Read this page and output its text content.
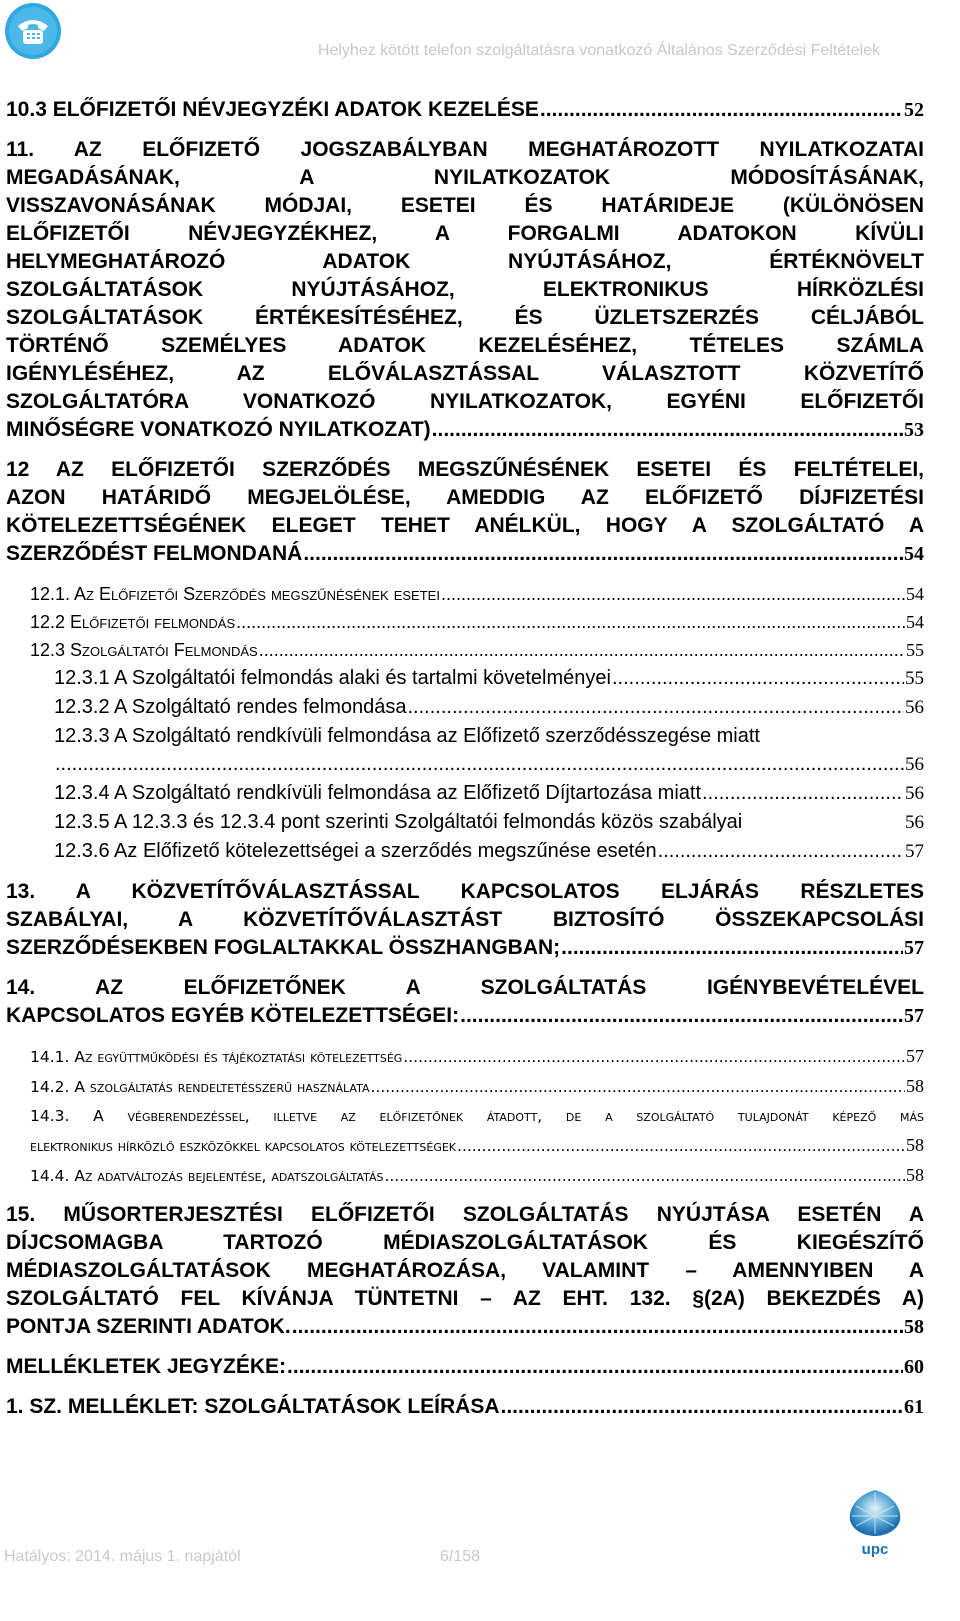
Helyhez kötött telefon szolgáltatásra vonatkozó Általános Szerződési Feltételek
10.3 ELŐFIZETŐI NÉVJEGYZÉKI ADATOK KEZELÉSE .....	52
11. AZ ELŐFIZETŐ JOGSZABÁLYBAN MEGHATÁROZOTT NYILATKOZATAI
MEGADÁSÁNAK, A NYILATKOZATOK MÓDOSÍTÁSÁNAK,
VISSZAVONÁSÁNAK MÓDJAI, ESETEI ÉS HATÁRIDEJE (KÜLÖNÖSEN
ELŐFIZETŐI NÉVJEGYZÉKHEZ, A FORGALMI ADATOKON KÍVÜLI
HELYMEGHATÁROZÓ ADATOK NYÚJTÁSÁHOZ, ÉRTÉKNÖVELT
SZOLGÁLTATÁSOK NYÚJTÁSÁHOZ, ELEKTRONIKUS HÍRKÖZLÉSI
SZOLGÁLTATÁSOK ÉRTÉKESÍTÉSÉHEZ, ÉS ÜZLETSZERZÉS CÉLJÁBÓL
TÖRTÉNŐ SZEMÉLYES ADATOK KEZELÉSÉHEZ, TÉTELES SZÁMLA
IGÉNYLÉSÉHEZ, AZ ELŐVÁLASZTÁSSAL VÁLASZTOTT KÖZVETÍTŐ
SZOLGÁLTATÓRA VONATKOZÓ NYILATKOZATOK, EGYÉNI ELŐFIZETŐI
MINŐSÉGRE VONATKOZÓ NYILATKOZAT) .....	53
12 AZ ELŐFIZETŐI SZERZŐDÉS MEGSZŰNÉSÉNEK ESETEI ÉS FELTÉTELEI,
AZON HATÁRIDŐ MEGJELÖLÉSE, AMEDDIG AZ ELŐFIZETŐ DÍJFIZETÉSI
KÖTELEZETTSÉGÉNEK ELEGET TEHET ANÉLKÜL, HOGY A SZOLGÁLTATÓ A
SZERZŐDÉST FELMONDANÁ .....	54
12.1. Az Előfizetői Szerződés megszűnésének esetei .....	54
12.2 Előfizetői felmondás .....	54
12.3 Szolgáltatói Felmondás .....	55
12.3.1 A Szolgáltatói felmondás alaki és tartalmi követelményei .....	55
12.3.2 A Szolgáltató rendes felmondása .....	56
12.3.3 A Szolgáltató rendkívüli felmondása az Előfizető szerződésszegése miatt
.....
56
12.3.4 A Szolgáltató rendkívüli felmondása az Előfizető Díjtartozása miatt .....	56
12.3.5 A 12.3.3 és 12.3.4 pont szerinti Szolgáltatói felmondás közös szabályai	56
12.3.6 Az Előfizető kötelezettségei a szerződés megszűnése esetén .....	57
13. A KÖZVETÍTŐVÁLASZTÁSSAL KAPCSOLATOS ELJÁRÁS RÉSZLETES
SZABÁLYAI, A KÖZVETÍTŐVÁLASZTÁST BIZTOSÍTÓ ÖSSZEKAPCSOLÁSI
SZERZŐDÉSEKBEN FOGLALTAKKAL ÖSSZHANGBAN; .....	57
14. AZ ELŐFIZETŐNEK A SZOLGÁLTATÁS IGÉNYBEVÉTELÉVEL
KAPCSOLATOS EGYÉB KÖTELEZETTSÉGEI: .....	57
14.1. Az együttműködési és tájékoztatási kötelezettség .....	57
14.2. A szolgáltatás rendeltetésszerű használata .....	58
14.3. A végberendezéssel, illetve az előfizetőnek átadott, de a szolgáltató tulajdonát képező más
elektronikus hírközlő eszközökkel kapcsolatos kötelezettségek .....	58
14.4. Az adatváltozás bejelentése, adatszolgáltatás .....	58
15. MŰSORTERJESZTÉSI ELŐFIZETŐI SZOLGÁLTATÁS NYÚJTÁSA ESETÉN A
DÍJCSOMAGBA TARTOZÓ MÉDIASZOLGÁLTATÁSOK ÉS KIEGÉSZÍTŐ
MÉDIASZOLGÁLTATÁSOK MEGHATÁROZÁSA, VALAMINT – AMENNYIBEN A
SZOLGÁLTATÓ FEL KÍVÁNJA TÜNTETNI – AZ EHT. 132. §(2A) BEKEZDÉS A)
PONTJA SZERINTI ADATOK. .....	58
MELLÉKLETEK JEGYZÉKE: .....	60
1. SZ. MELLÉKLET: SZOLGÁLTATÁSOK LEÍRÁSA .....	61
Hatályos: 2014. május 1. napjától	6/158	upc
